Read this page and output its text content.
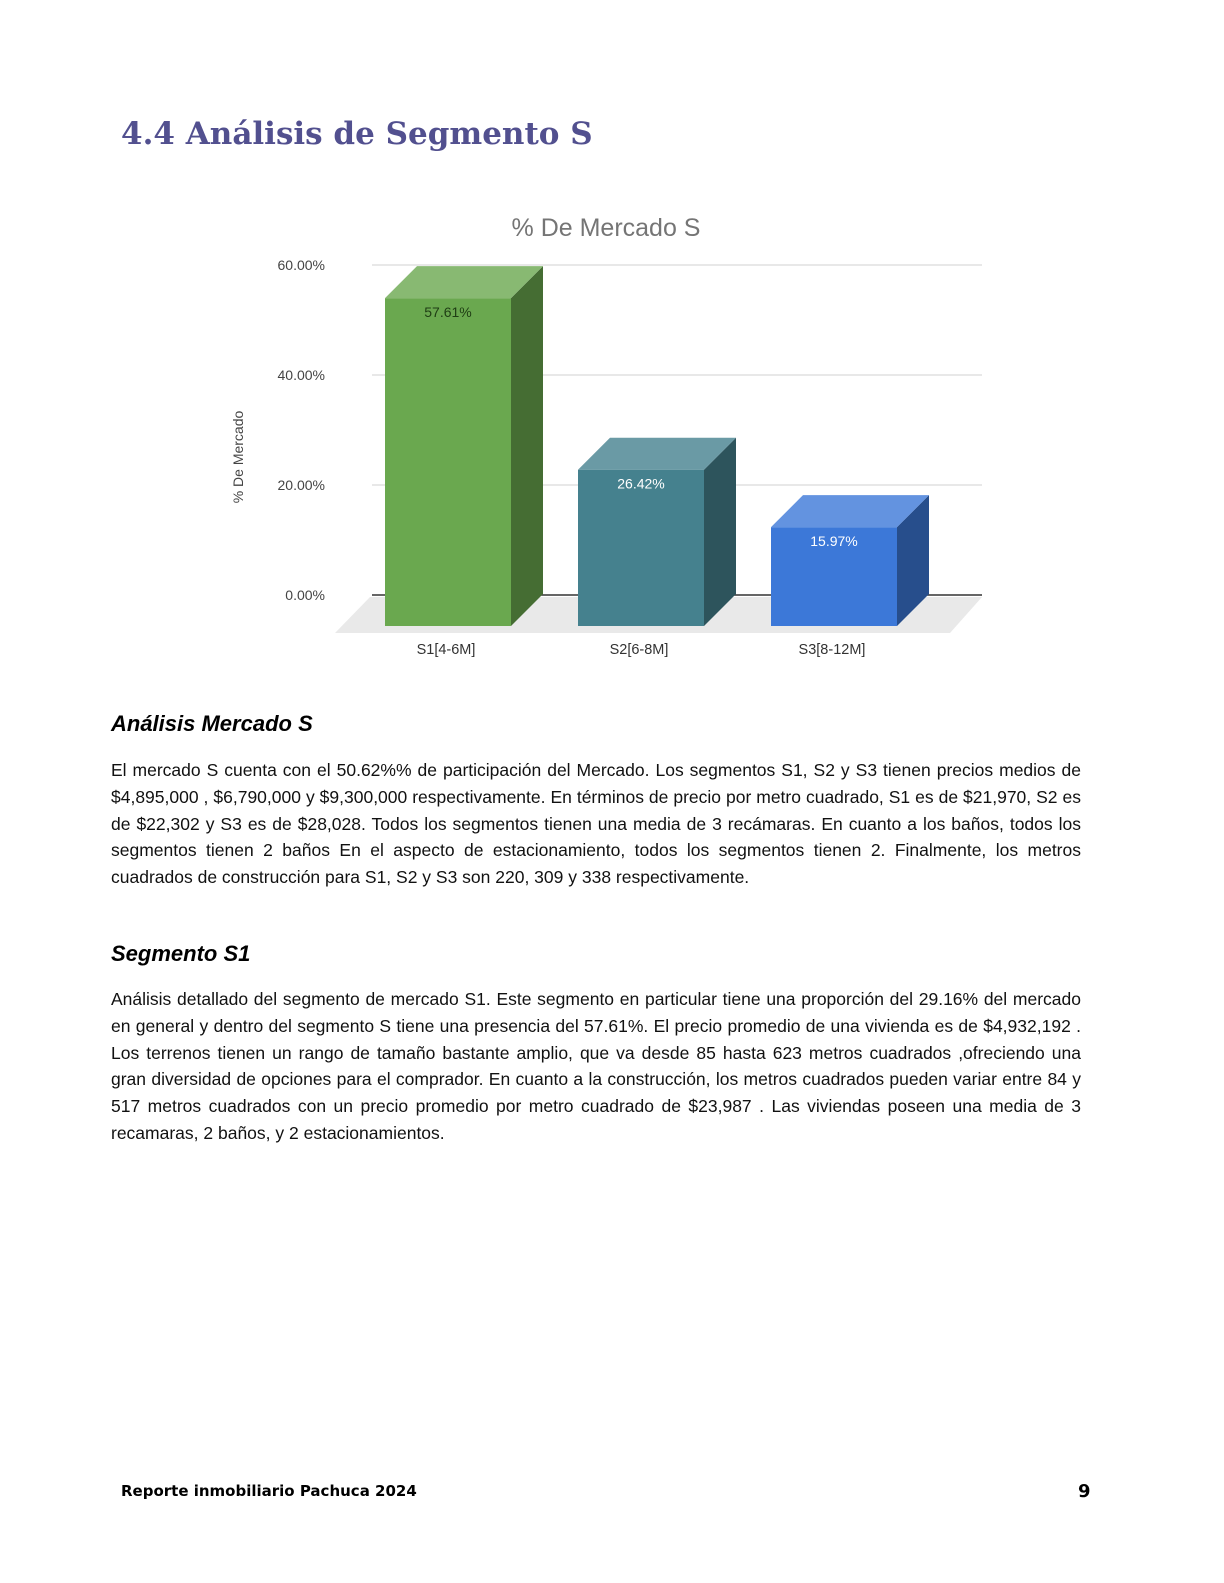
4.4 Análisis de Segmento S
% De Mercado S
% De Mercado
0.00%
20.00%
40.00%
60.00%
57.61%
S1[4-6M]
26.42%
S2[6-8M]
15.97%
S3[8-12M]
Análisis Mercado S

El mercado S cuenta con el 50.62%% de participación del Mercado. Los segmentos S1, S2 y S3 tienen precios medios de $4,895,000 , $6,790,000 y $9,300,000 respectivamente. En términos de precio por metro cuadrado, S1 es de $21,970, S2 es de $22,302 y S3 es de $28,028. Todos los segmentos tienen una media de 3 recámaras. En cuanto a los baños, todos los segmentos tienen 2 baños En el aspecto de estacionamiento, todos los segmentos tienen 2. Finalmente, los metros cuadrados de construcción para S1, S2 y S3 son 220, 309 y 338 respectivamente.

Segmento S1

Análisis detallado del segmento de mercado S1. Este segmento en particular tiene una proporción del 29.16% del mercado en general y dentro del segmento S tiene una presencia del 57.61%. El precio promedio de una vivienda es de $4,932,192 . Los terrenos tienen un rango de tamaño bastante amplio, que va desde 85 hasta 623 metros cuadrados ,ofreciendo una gran diversidad de opciones para el comprador. En cuanto a la construcción, los metros cuadrados pueden variar entre 84 y 517 metros cuadrados con un precio promedio por metro cuadrado de $23,987 . Las viviendas poseen una media de 3 recamaras, 2 baños, y 2 estacionamientos.

Reporte inmobiliario Pachuca 2024	9
